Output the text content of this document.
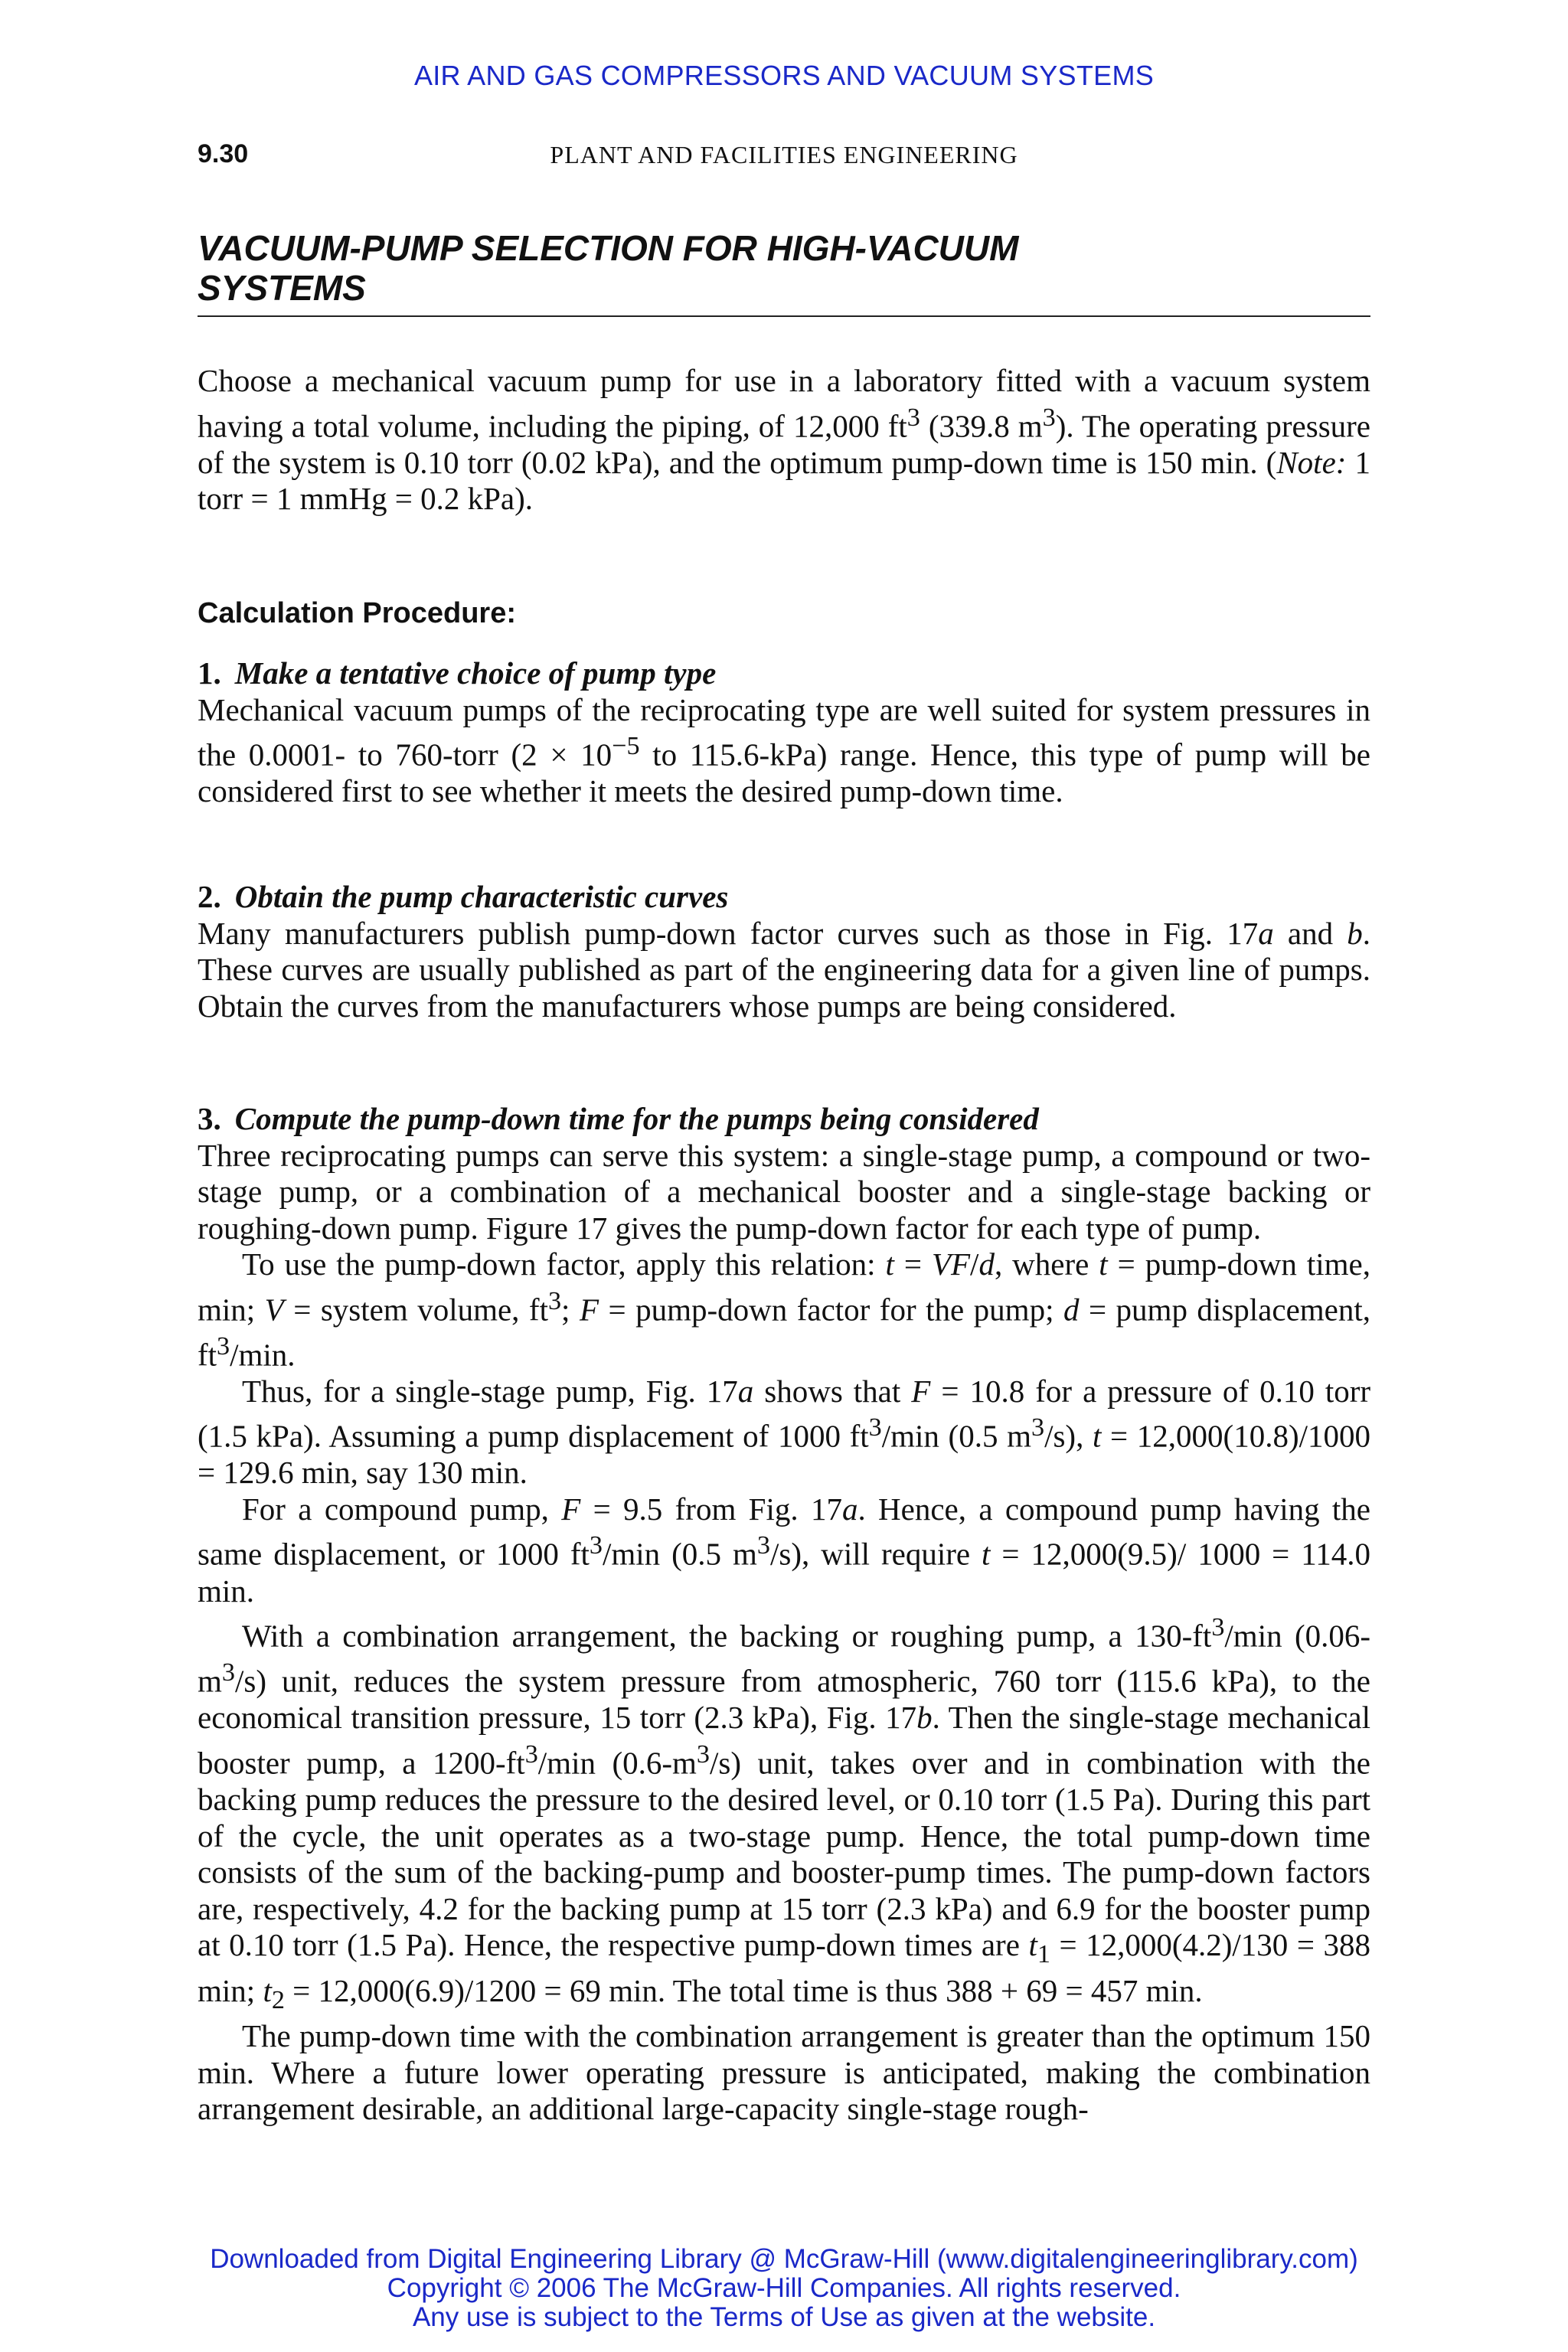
AIR AND GAS COMPRESSORS AND VACUUM SYSTEMS
9.30	PLANT AND FACILITIES ENGINEERING
VACUUM-PUMP SELECTION FOR HIGH-VACUUM
SYSTEMS

Choose a mechanical vacuum pump for use in a laboratory fitted with a vacuum system having a total volume, including the piping, of 12,000 $ft^3$ (339.8 $m^3$). The operating pressure of the system is 0.10 torr (0.02 kPa), and the optimum pump-down time is 150 min. (Note: 1 torr = 1 mmHg = 0.2 kPa).

Calculation Procedure:
1. Make a tentative choice of pump type

Mechanical vacuum pumps of the reciprocating type are well suited for system pressures in the 0.0001- to 760-torr ($2 \times 10^{-5}$ to 115.6-kPa) range. Hence, this type of pump will be considered first to see whether it meets the desired pump-down time.

2. Obtain the pump characteristic curves

Many manufacturers publish pump-down factor curves such as those in Fig. 17a and b. These curves are usually published as part of the engineering data for a given line of pumps. Obtain the curves from the manufacturers whose pumps are being considered.

3. Compute the pump-down time for the pumps being considered

Three reciprocating pumps can serve this system: a single-stage pump, a compound or two-stage pump, or a combination of a mechanical booster and a single-stage backing or roughing-down pump. Figure 17 gives the pump-down factor for each type of pump.

To use the pump-down factor, apply this relation: t = VF/d, where t = pump-down time, min; V = system volume, $ft^3$; F = pump-down factor for the pump; d = pump displacement, $ft^3/\min$.

Thus, for a single-stage pump, Fig. 17a shows that F = 10.8 for a pressure of 0.10 torr (1.5 kPa). Assuming a pump displacement of 1000 $ft^3/\min$ (0.5 $m^3/s$), t = 12,000(10.8)/1000 = 129.6 min, say 130 min.

For a compound pump, F = 9.5 from Fig. 17a. Hence, a compound pump having the same displacement, or 1000 $ft^3/\min$ (0.5 $m^3/s$), will require t = 12,000(9.5)/ 1000 = 114.0 min.

With a combination arrangement, the backing or roughing pump, a $130-ft^3/\min$ $(0.06-m^3/s)$ unit, reduces the system pressure from atmospheric, 760 torr (115.6 kPa), to the economical transition pressure, 15 torr (2.3 kPa), Fig. 17b. Then the single-stage mechanical booster pump, a $1200-ft^3/\min$ $(0.6-m^3/s)$ unit, takes over and in combination with the backing pump reduces the pressure to the desired level, or 0.10 torr (1.5 Pa). During this part of the cycle, the unit operates as a two-stage pump. Hence, the total pump-down time consists of the sum of the backing-pump and booster-pump times. The pump-down factors are, respectively, 4.2 for the backing pump at 15 torr (2.3 kPa) and 6.9 for the booster pump at 0.10 torr (1.5 Pa). Hence, the respective pump-down times are $t_1 = 12,000(4.2)/130 = 388$ min; $t_2 = 12,000(6.9)/1200 = 69$ min. The total time is thus 388 + 69 = 457 min.

The pump-down time with the combination arrangement is greater than the optimum 150 min. Where a future lower operating pressure is anticipated, making the combination arrangement desirable, an additional large-capacity single-stage rough-

Downloaded from Digital Engineering Library @ McGraw-Hill (www.digitalengineeringlibrary.com)
Copyright © 2006 The McGraw-Hill Companies. All rights reserved.
Any use is subject to the Terms of Use as given at the website.
